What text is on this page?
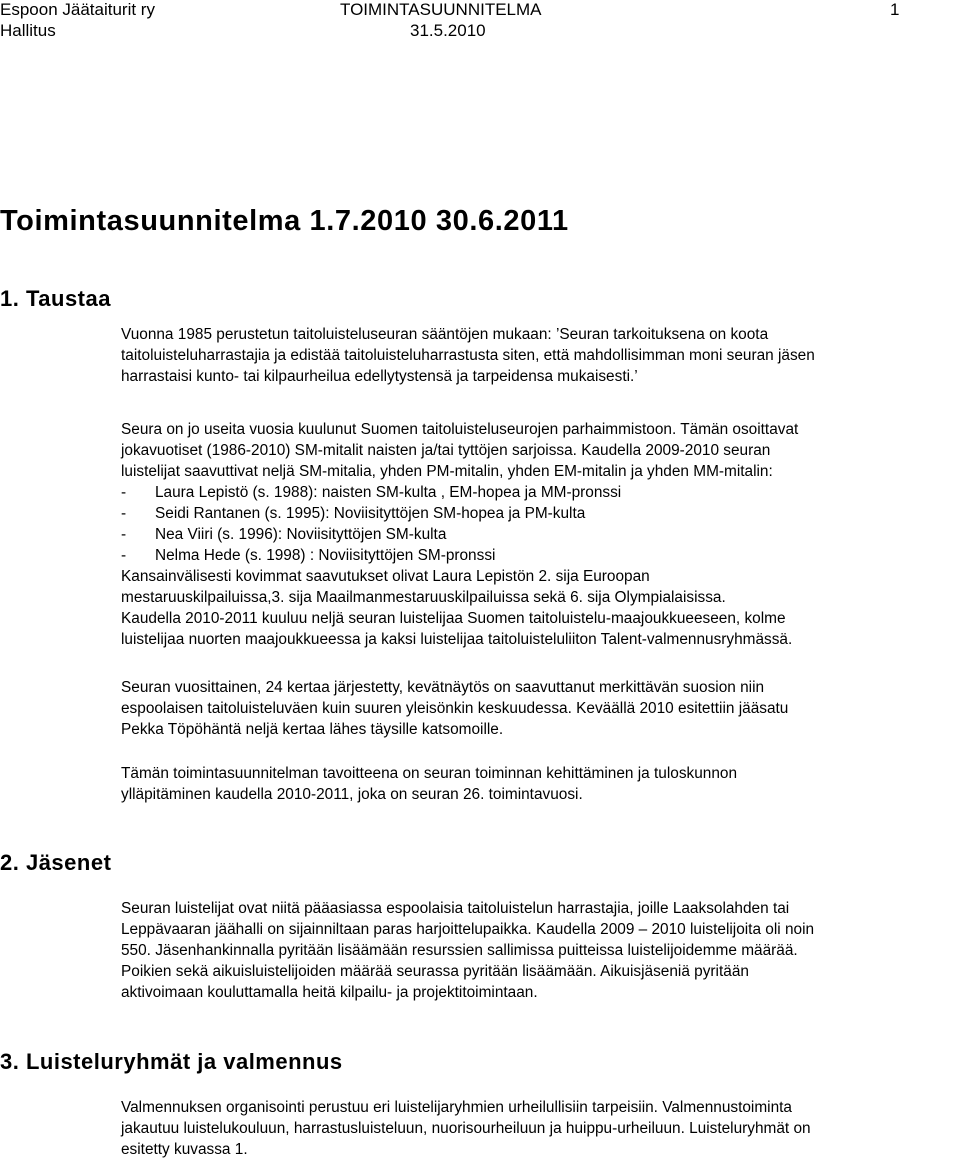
Espoon Jäätaiturit ry	TOIMINTASUUNNITELMA	1
Hallitus	31.5.2010
Toimintasuunnitelma 1.7.2010 30.6.2011
1. Taustaa
Vuonna 1985 perustetun taitoluisteluseuran sääntöjen mukaan: ’Seuran tarkoituksena on koota
taitoluisteluharrastajia ja edistää taitoluisteluharrastusta siten, että mahdollisimman moni seuran jäsen
harrastaisi kunto- tai kilpaurheilua edellytystensä ja tarpeidensa mukaisesti.’
Seura on jo useita vuosia kuulunut Suomen taitoluisteluseurojen parhaimmistoon. Tämän osoittavat
jokavuotiset (1986-2010) SM-mitalit naisten ja/tai tyttöjen sarjoissa. Kaudella 2009-2010 seuran
luistelijat saavuttivat neljä SM-mitalia, yhden PM-mitalin, yhden EM-mitalin ja yhden MM-mitalin:
- Laura Lepistö (s. 1988): naisten SM-kulta , EM-hopea ja MM-pronssi
- Seidi Rantanen (s. 1995): Noviisityttöjen SM-hopea ja PM-kulta
- Nea Viiri (s. 1996): Noviisityttöjen SM-kulta
- Nelma Hede (s. 1998) : Noviisityttöjen SM-pronssi
Kansainvälisesti kovimmat saavutukset olivat Laura Lepistön 2. sija Euroopan
mestaruuskilpailuissa,3. sija Maailmanmestaruuskilpailuissa sekä 6. sija Olympialaisissa.
Kaudella 2010-2011 kuuluu neljä seuran luistelijaa Suomen taitoluistelu-maajoukkueeseen, kolme
luistelijaa nuorten maajoukkueessa ja kaksi luistelijaa taitoluisteluliiton Talent-valmennusryhmässä.
Seuran vuosittainen, 24 kertaa järjestetty, kevätnäytös on saavuttanut merkittävän suosion niin
espoolaisen taitoluisteluväen kuin suuren yleisönkin keskuudessa. Keväällä 2010 esitettiin jääsatu
Pekka Töpöhäntä neljä kertaa lähes täysille katsomoille.
Tämän toimintasuunnitelman tavoitteena on seuran toiminnan kehittäminen ja tuloskunnon
ylläpitäminen kaudella 2010-2011, joka on seuran 26. toimintavuosi.
2. Jäsenet
Seuran luistelijat ovat niitä pääasiassa espoolaisia taitoluistelun harrastajia, joille Laaksolahden tai
Leppävaaran jäähalli on sijainniltaan paras harjoittelupaikka. Kaudella 2009 – 2010 luistelijoita oli noin
550. Jäsenhankinnalla pyritään lisäämään resurssien sallimissa puitteissa luistelijoidemme määrää.
Poikien sekä aikuisluistelijoiden määrää seurassa pyritään lisäämään. Aikuisjäseniä pyritään
aktivoimaan kouluttamalla heitä kilpailu- ja projektitoimintaan.
3. Luisteluryhmät ja valmennus
Valmennuksen organisointi perustuu eri luistelijaryhmien urheilullisiin tarpeisiin. Valmennustoiminta
jakautuu luistelukouluun, harrastusluisteluun, nuorisourheiluun ja huippu-urheiluun. Luisteluryhmät on
esitetty kuvassa 1.
